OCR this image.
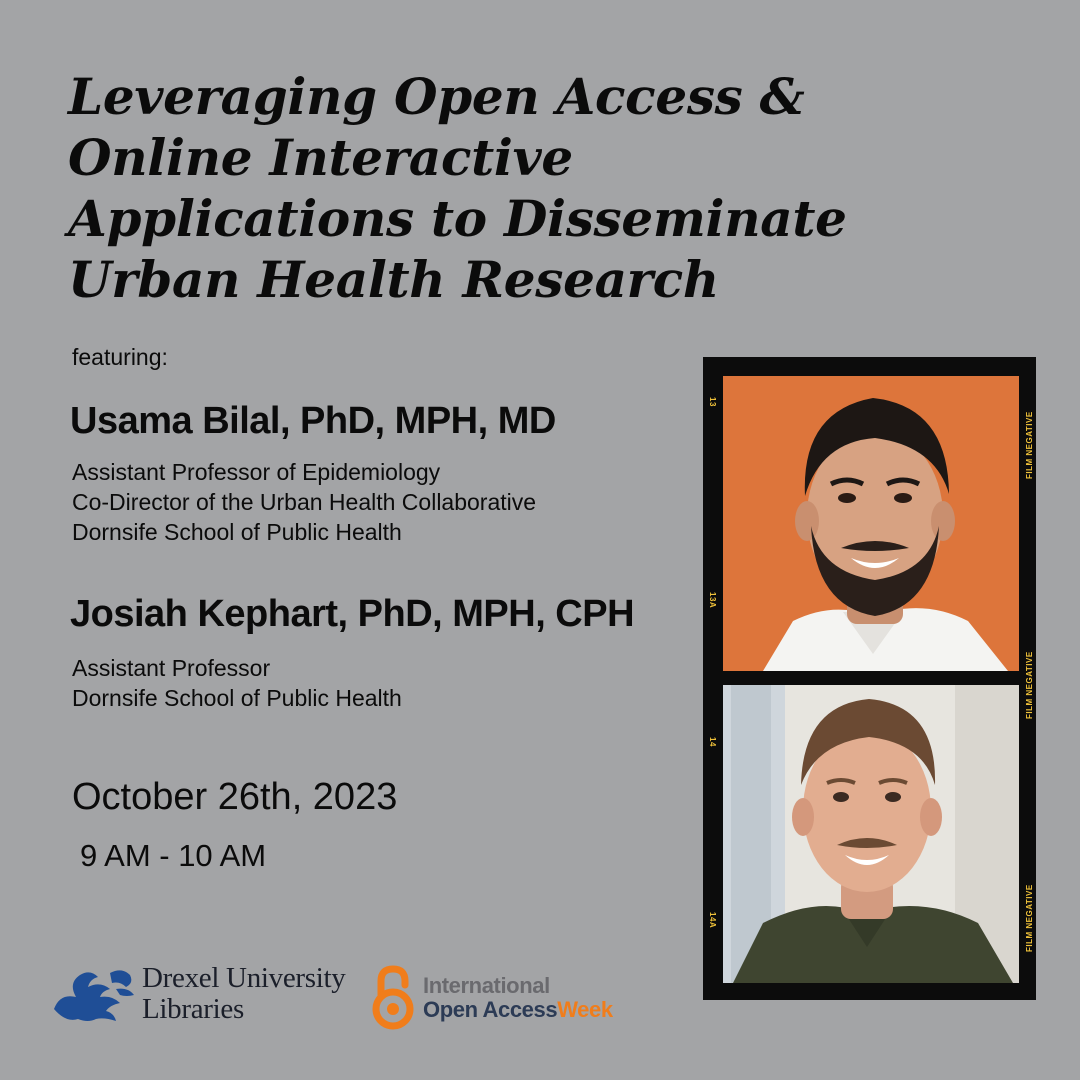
Leveraging Open Access &
Online Interactive
Applications to Disseminate
Urban Health Research
featuring:
Usama Bilal, PhD, MPH, MD
Assistant Professor of Epidemiology
Co-Director of the Urban Health Collaborative
Dornsife School of Public Health
Josiah Kephart, PhD, MPH, CPH
Assistant Professor
Dornsife School of Public Health
October 26th, 2023
9 AM - 10 AM
13
13A
14
14A
FILM NEGATIVE
FILM NEGATIVE
FILM NEGATIVE
Drexel University
Libraries
International
Open AccessWeek
